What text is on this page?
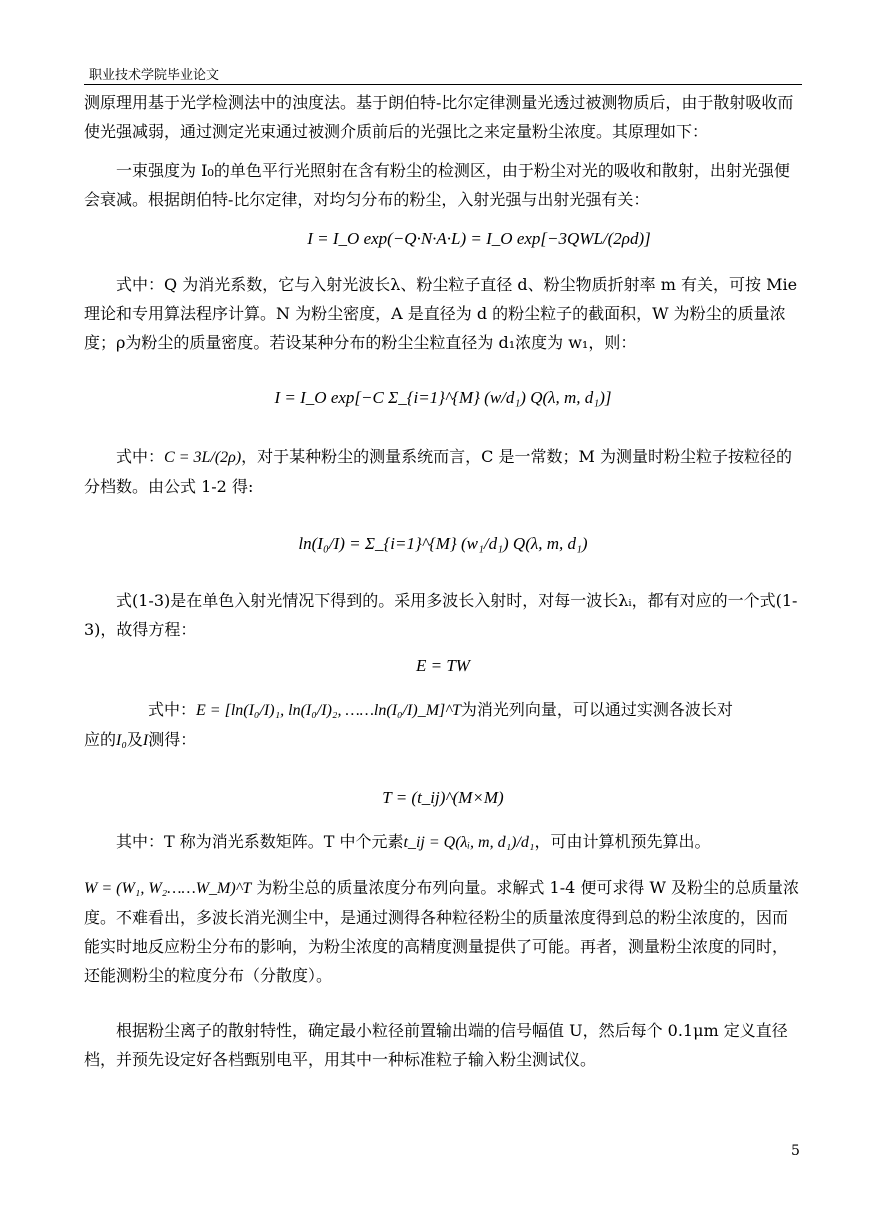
职业技术学院毕业论文
测原理用基于光学检测法中的浊度法。基于朗伯特-比尔定律测量光透过被测物质后，由于散射吸收而使光强减弱，通过测定光束通过被测介质前后的光强比之来定量粉尘浓度。其原理如下：
一束强度为 I₀的单色平行光照射在含有粉尘的检测区，由于粉尘对光的吸收和散射，出射光强便会衰减。根据朗伯特-比尔定律，对均匀分布的粉尘，入射光强与出射光强有关：
I = I_O exp(−Q·N·A·L) = I_O exp[−3QWL/(2ρd)]
式中：Q 为消光系数，它与入射光波长λ、粉尘粒子直径 d、粉尘物质折射率 m 有关，可按 Mie 理论和专用算法程序计算。N 为粉尘密度，A 是直径为 d 的粉尘粒子的截面积，W 为粉尘的质量浓度；ρ为粉尘的质量密度。若设某种分布的粉尘尘粒直径为 d₁浓度为 w₁，则：
I = I_O exp[−C Σ_{i=1}^{M} (w/d₁) Q(λ, m, d₁)]
式中：C = 3L/(2ρ)，对于某种粉尘的测量系统而言，C 是一常数；M 为测量时粉尘粒子按粒径的分档数。由公式 1-2 得:
ln(I₀/I) = Σ_{i=1}^{M} (w₁/d₁) Q(λ, m, d₁)
式(1-3)是在单色入射光情况下得到的。采用多波长入射时，对每一波长λᵢ，都有对应的一个式(1-3)，故得方程：
E = TW
式中：E = [ln(I₀/I)₁, ln(I₀/I)₂, ……ln(I₀/I)_M]^T为消光列向量，可以通过实测各波长对
应的I₀及I测得：
T = (t_ij)^(M×M)
其中：T 称为消光系数矩阵。T 中个元素t_ij = Q(λᵢ, m, d₁)/d₁，可由计算机预先算出。
W = (W₁, W₂……W_M)^T 为粉尘总的质量浓度分布列向量。求解式 1-4 便可求得 W 及粉尘的总质量浓度。不难看出，多波长消光测尘中，是通过测得各种粒径粉尘的质量浓度得到总的粉尘浓度的，因而能实时地反应粉尘分布的影响，为粉尘浓度的高精度测量提供了可能。再者，测量粉尘浓度的同时，还能测粉尘的粒度分布（分散度）。
根据粉尘离子的散射特性，确定最小粒径前置输出端的信号幅值 U，然后每个 0.1μm 定义直径档，并预先设定好各档甄别电平，用其中一种标准粒子输入粉尘测试仪。
5
